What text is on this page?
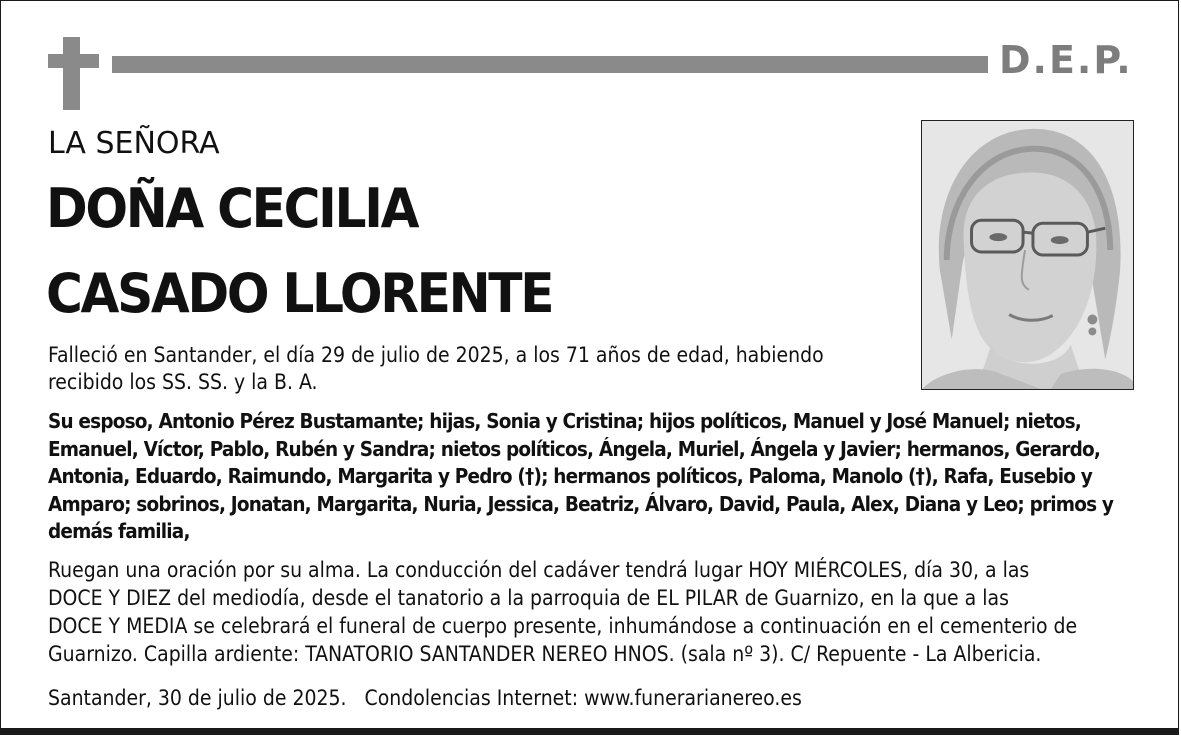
D.E.P.
LA SEÑORA
DOÑA CECILIA
CASADO LLORENTE
Falleció en Santander, el día 29 de julio de 2025, a los 71 años de edad, habiendo
recibido los SS. SS. y la B. A.
Su esposo, Antonio Pérez Bustamante; hijas, Sonia y Cristina; hijos políticos, Manuel y José Manuel; nietos,
Emanuel, Víctor, Pablo, Rubén y Sandra; nietos políticos, Ángela, Muriel, Ángela y Javier; hermanos, Gerardo,
Antonia, Eduardo, Raimundo, Margarita y Pedro (†); hermanos políticos, Paloma, Manolo (†), Rafa, Eusebio y
Amparo; sobrinos, Jonatan, Margarita, Nuria, Jessica, Beatriz, Álvaro, David, Paula, Alex, Diana y Leo; primos y
demás familia,
Ruegan una oración por su alma. La conducción del cadáver tendrá lugar HOY MIÉRCOLES, día 30, a las
DOCE Y DIEZ del mediodía, desde el tanatorio a la parroquia de EL PILAR de Guarnizo, en la que a las
DOCE Y MEDIA se celebrará el funeral de cuerpo presente, inhumándose a continuación en el cementerio de
Guarnizo. Capilla ardiente: TANATORIO SANTANDER NEREO HNOS. (sala nº 3). C/ Repuente - La Albericia.
Santander, 30 de julio de 2025. Condolencias Internet: www.funerarianereo.es
